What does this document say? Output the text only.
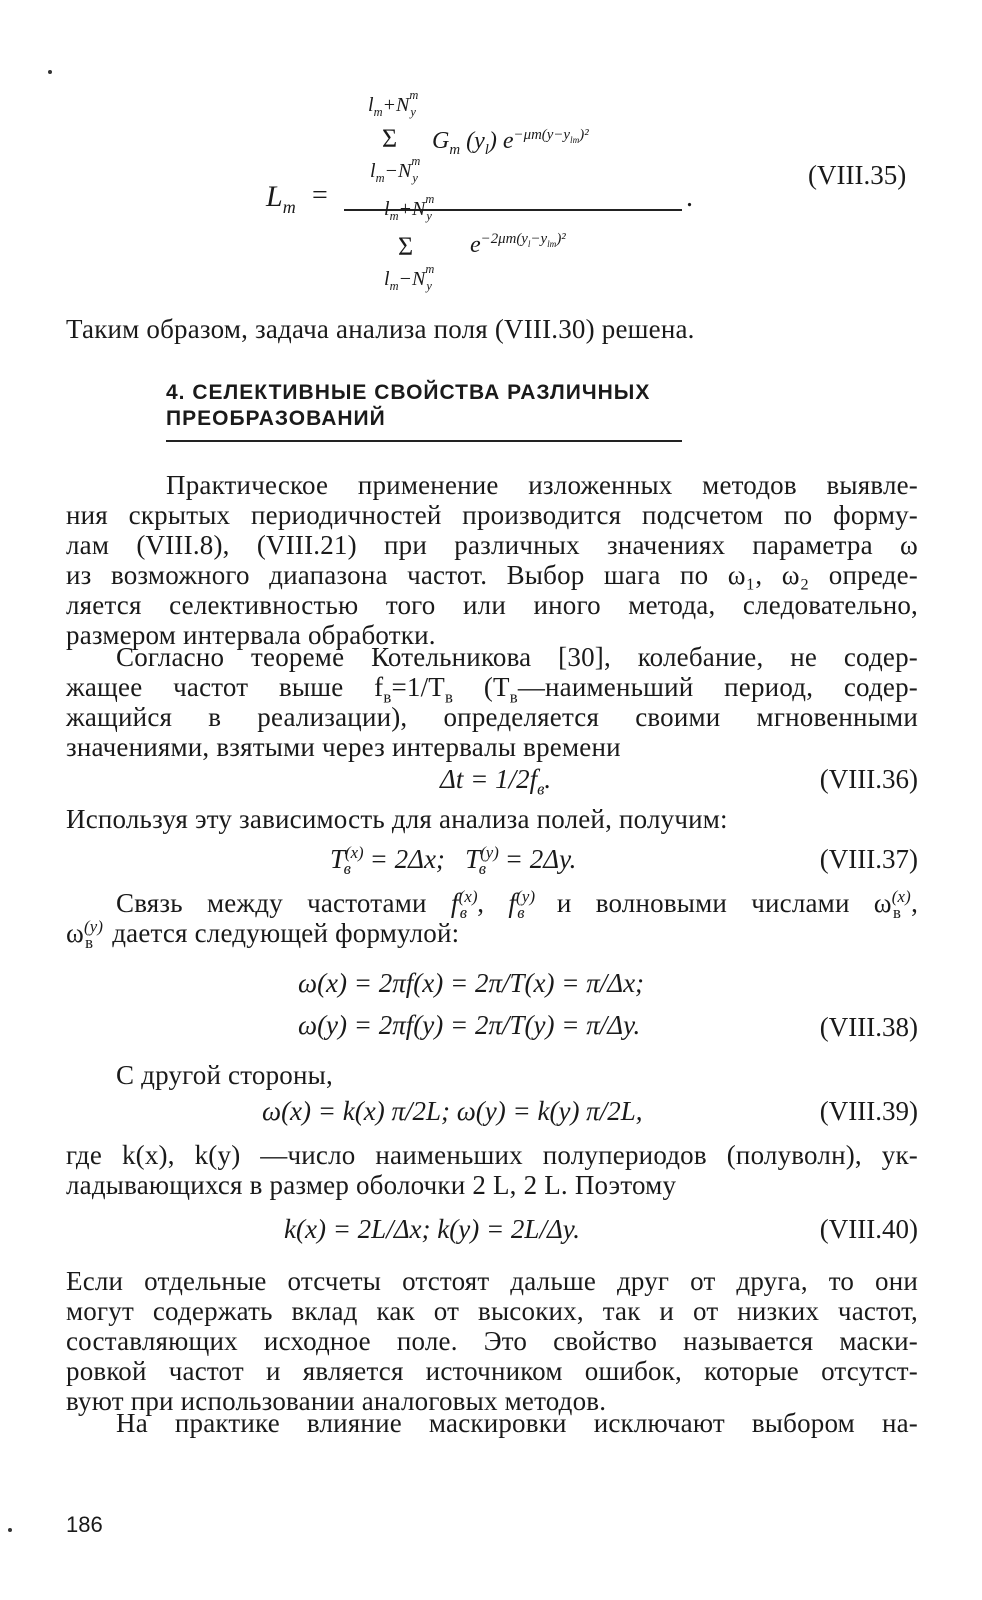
$l_m+N^m_y$
Σ $G_m$ $(y_l)$ $e^{-\mu m(y-y_{lm})^2}$
$l_m-N^m_y$
$L_m$ =	.
(VIII.35)
$l_m+N^m_y$
Σ $e^{-2\mu m(y_l-y_{lm})^2}$
$l_m-N^m_y$
Таким образом, задача анализа поля (VIII.30) решена.
4. СЕЛЕКТИВНЫЕ СВОЙСТВА РАЗЛИЧНЫХ
ПРЕОБРАЗОВАНИЙ
Практическое применение изложенных методов выявле-
ния скрытых периодичностей производится подсчетом по форму-
лам (VIII.8), (VIII.21) при различных значениях параметра ω
из возможного диапазона частот. Выбор шага по ω₁, ω₂ опреде-
ляется селективностью того или иного метода, следовательно,
размером интервала обработки.
Согласно теореме Котельникова [30], колебание, не содер-
жащее частот выше $f_в=1/T_в$ ($T_в—наименьший$ период, содер-
жащийся в реализации), определяется своими мгновенными
значениями, взятыми через интервалы времени
$\Delta t = 1/2f_в$.	(VIII.36)
Используя эту зависимость для анализа полей, получим:
$T^{(x)}_в = 2\Delta x$; $T^{(y)}_в = 2\Delta y$.	(VIII.37)
Связь между частотами $f^{(x)}_в$ , $f^{(y)}_в$ и волновыми числами $\omega^{(x)}_в$ ,
$\omega^{(y)}_в$ дается следующей формулой:
ω(x) = 2πf(x) = 2π/T(x) = π/Δx;
ω(y) = 2πf(y) = 2π/T(y) = π/Δy.	(VIII.38)
С другой стороны,
ω(x) = k(x) π/2L; ω(y) = k(y) π/2L,	(VIII.39)
где k(x), k(y) —число наименьших полупериодов (полуволн), ук-
ладывающихся в размер оболочки 2 L, 2 L. Поэтому
k(x) = 2L/Δx; k(y) = 2L/Δy.	(VIII.40)
Если отдельные отсчеты отстоят дальше друг от друга, то они
могут содержать вклад как от высоких, так и от низких частот,
составляющих исходное поле. Это свойство называется маски-
ровкой частот и является источником ошибок, которые отсутст-
вуют при использовании аналоговых методов.
На практике влияние маскировки исключают выбором на-
186
